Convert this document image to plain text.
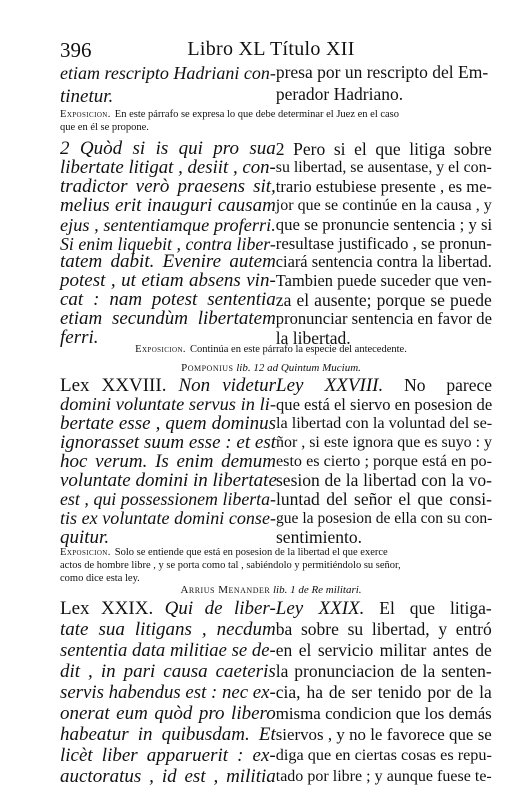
396	Libro XL Título XII
etiam rescripto Hadriani con-
tinetur.
presa por un rescripto del Em-
perador Hadriano.
Exposicion. En este párrafo se expresa lo que debe determinar el Juez en el caso
que en él se propone.
2 Quòd si is qui pro sua
libertate litigat , desiit , con-
tradictor verò praesens sit,
melius erit inauguri causam
ejus , sententiamque proferri.
Si enim liquebit , contra liber-
tatem dabit. Evenire autem
potest , ut etiam absens vin-
cat : nam potest sententia
etiam secundùm libertatem
ferri.
2 Pero si el que litiga sobre
su libertad, se ausentase, y el con-
trario estubiese presente , es me-
jor que se continúe en la causa , y
que se pronuncie sentencia ; y si
resultase justificado , se pronun-
ciará sentencia contra la libertad.
Tambien puede suceder que ven-
za el ausente; porque se puede
pronunciar sentencia en favor de
la libertad.
Exposicion. Continúa en este párrafo la especie del antecedente.
Pomponius lib. 12 ad Quintum Mucium.
Lex XXVIII. Non videtur
domini voluntate servus in li-
bertate esse , quem dominus
ignorasset suum esse : et est
hoc verum. Is enim demum
voluntate domini in libertate
est , qui possessionem liberta-
tis ex voluntate domini conse-
quitur.
Ley XXVIII. No parece
que está el siervo en posesion de
la libertad con la voluntad del se-
ñor , si este ignora que es suyo : y
esto es cierto ; porque está en po-
sesion de la libertad con la vo-
luntad del señor el que consi-
gue la posesion de ella con su con-
sentimiento.
Exposicion. Solo se entiende que está en posesion de la libertad el que exerce
actos de hombre libre , y se porta como tal , sabiéndolo y permitiéndolo su señor,
como dice esta ley.
Arrius Menander lib. 1 de Re militari.
Lex XXIX. Qui de liber-
tate sua litigans , necdum
sententia data militiae se de-
dit , in pari causa caeteris
servis habendus est : nec ex-
onerat eum quòd pro libero
habeatur in quibusdam. Et
licèt liber apparuerit : ex-
auctoratus , id est , militia
Ley XXIX. El que litiga-
ba sobre su libertad, y entró
en el servicio militar antes de
la pronunciacion de la senten-
cia, ha de ser tenido por de la
misma condicion que los demás
siervos , y no le favorece que se
diga que en ciertas cosas es repu-
tado por libre ; y aunque fuese te-
